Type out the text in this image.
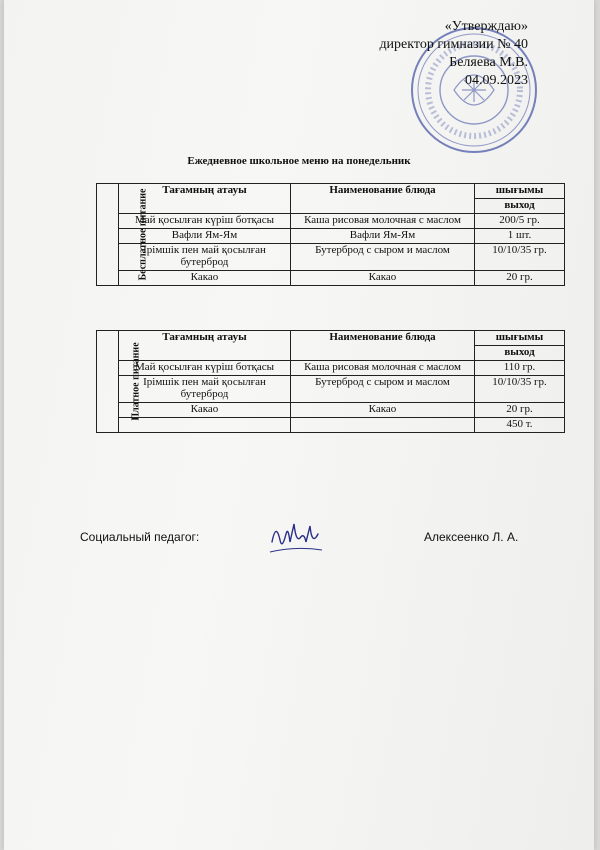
«Утверждаю»
директор гимназии № 40
Беляева М.В.
04.09.2023
Ежедневное школьное меню на понедельник
Бесплатное питание	Тағамның атауы	Наименование блюда	шығымы
			выход
	Май қосылған күріш ботқасы	Каша рисовая молочная с маслом	200/5 гр.
	Вафли Ям-Ям	Вафли Ям-Ям	1 шт.
	Ірімшік пен май қосылған бутерброд	Бутерброд с сыром и маслом	10/10/35 гр.
	Какао	Какао	20 гр.
Платное питание	Тағамның атауы	Наименование блюда	шығымы
			выход
	Май қосылған күріш ботқасы	Каша рисовая молочная с маслом	110 гр.
	Ірімшік пен май қосылған бутерброд	Бутерброд с сыром и маслом	10/10/35 гр.
	Какао	Какао	20 гр.
			450 т.
Социальный педагог:	Алексеенко Л. А.
